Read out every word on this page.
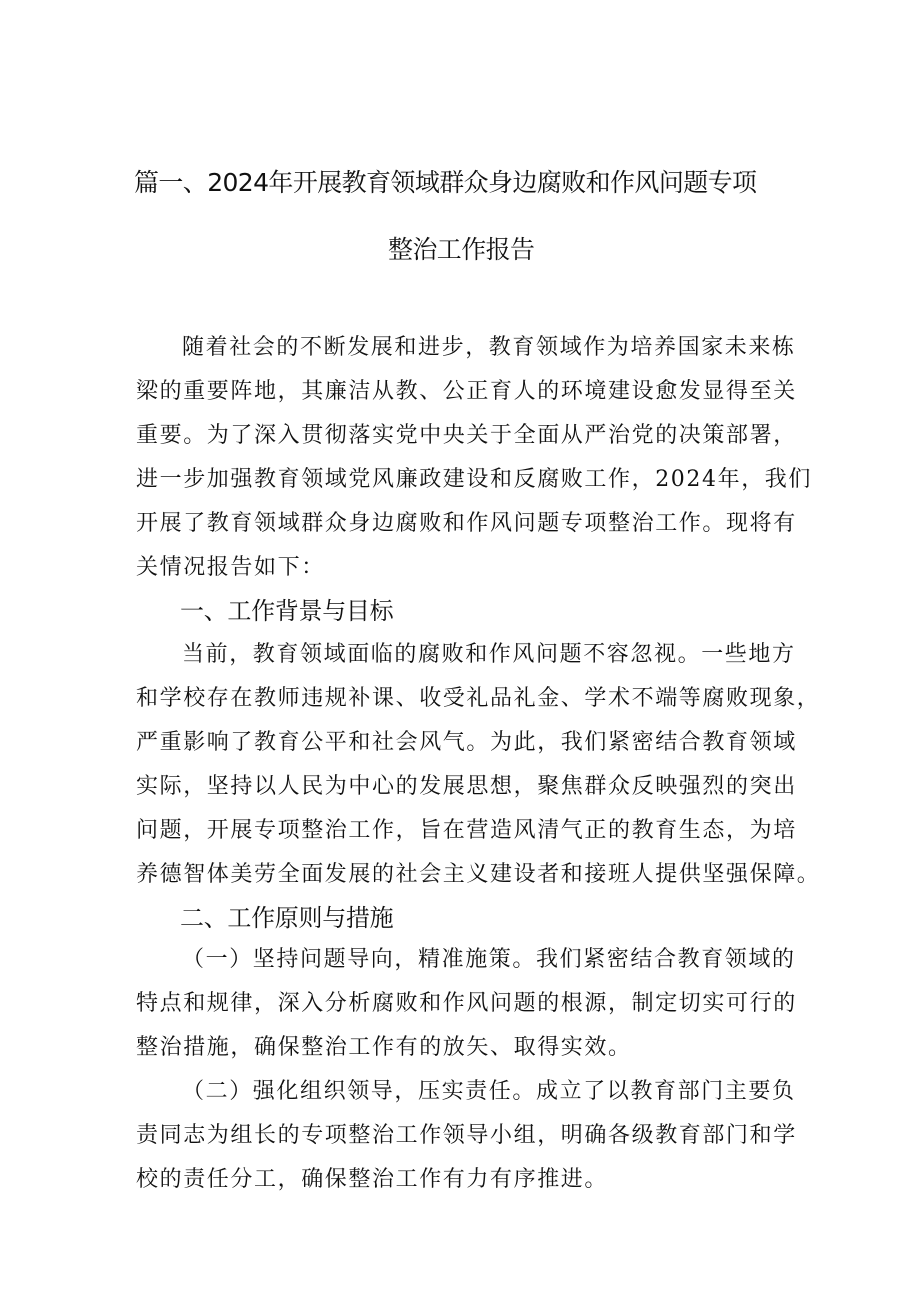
篇一、2024年开展教育领域群众身边腐败和作风问题专项
整治工作报告
随着社会的不断发展和进步，教育领域作为培养国家未来栋
梁的重要阵地，其廉洁从教、公正育人的环境建设愈发显得至关
重要。为了深入贯彻落实党中央关于全面从严治党的决策部署，
进一步加强教育领域党风廉政建设和反腐败工作，2024年，我们
开展了教育领域群众身边腐败和作风问题专项整治工作。现将有
关情况报告如下：
一、工作背景与目标
当前，教育领域面临的腐败和作风问题不容忽视。一些地方
和学校存在教师违规补课、收受礼品礼金、学术不端等腐败现象，
严重影响了教育公平和社会风气。为此，我们紧密结合教育领域
实际，坚持以人民为中心的发展思想，聚焦群众反映强烈的突出
问题，开展专项整治工作，旨在营造风清气正的教育生态，为培
养德智体美劳全面发展的社会主义建设者和接班人提供坚强保障。
二、工作原则与措施
（一）坚持问题导向，精准施策。我们紧密结合教育领域的
特点和规律，深入分析腐败和作风问题的根源，制定切实可行的
整治措施，确保整治工作有的放矢、取得实效。
（二）强化组织领导，压实责任。成立了以教育部门主要负
责同志为组长的专项整治工作领导小组，明确各级教育部门和学
校的责任分工，确保整治工作有力有序推进。
